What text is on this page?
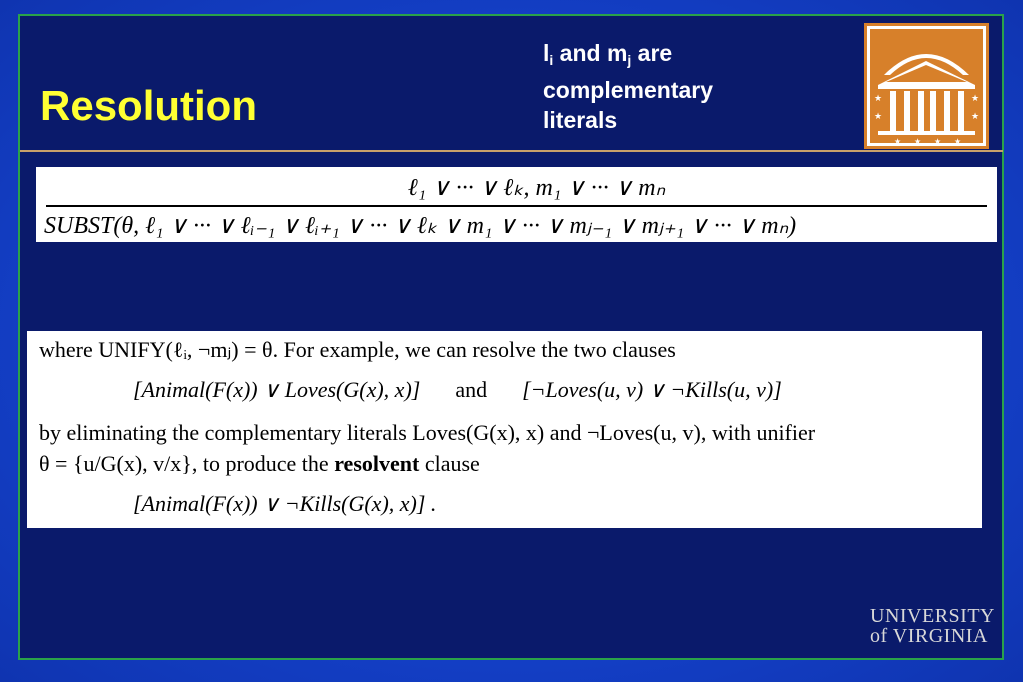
Resolution
$l_i$ and $m_j$ are
complementary
literals
★
★
★
★
★ ★ ★ ★
ℓ₁ ∨ ··· ∨ ℓₖ, m₁ ∨ ··· ∨ mₙ
SUBST(θ, ℓ₁ ∨ ··· ∨ ℓᵢ₋₁ ∨ ℓᵢ₊₁ ∨ ··· ∨ ℓₖ ∨ m₁ ∨ ··· ∨ mⱼ₋₁ ∨ mⱼ₊₁ ∨ ··· ∨ mₙ)
where UNIFY(ℓᵢ, ¬mⱼ) = θ. For example, we can resolve the two clauses
[Animal(F(x)) ∨ Loves(G(x), x)] and [¬Loves(u, v) ∨ ¬Kills(u, v)]
by eliminating the complementary literals Loves(G(x), x) and ¬Loves(u, v), with unifier
θ = {u/G(x), v/x}, to produce the resolvent clause
[Animal(F(x)) ∨ ¬Kills(G(x), x)] .
UNIVERSITY
of VIRGINIA
